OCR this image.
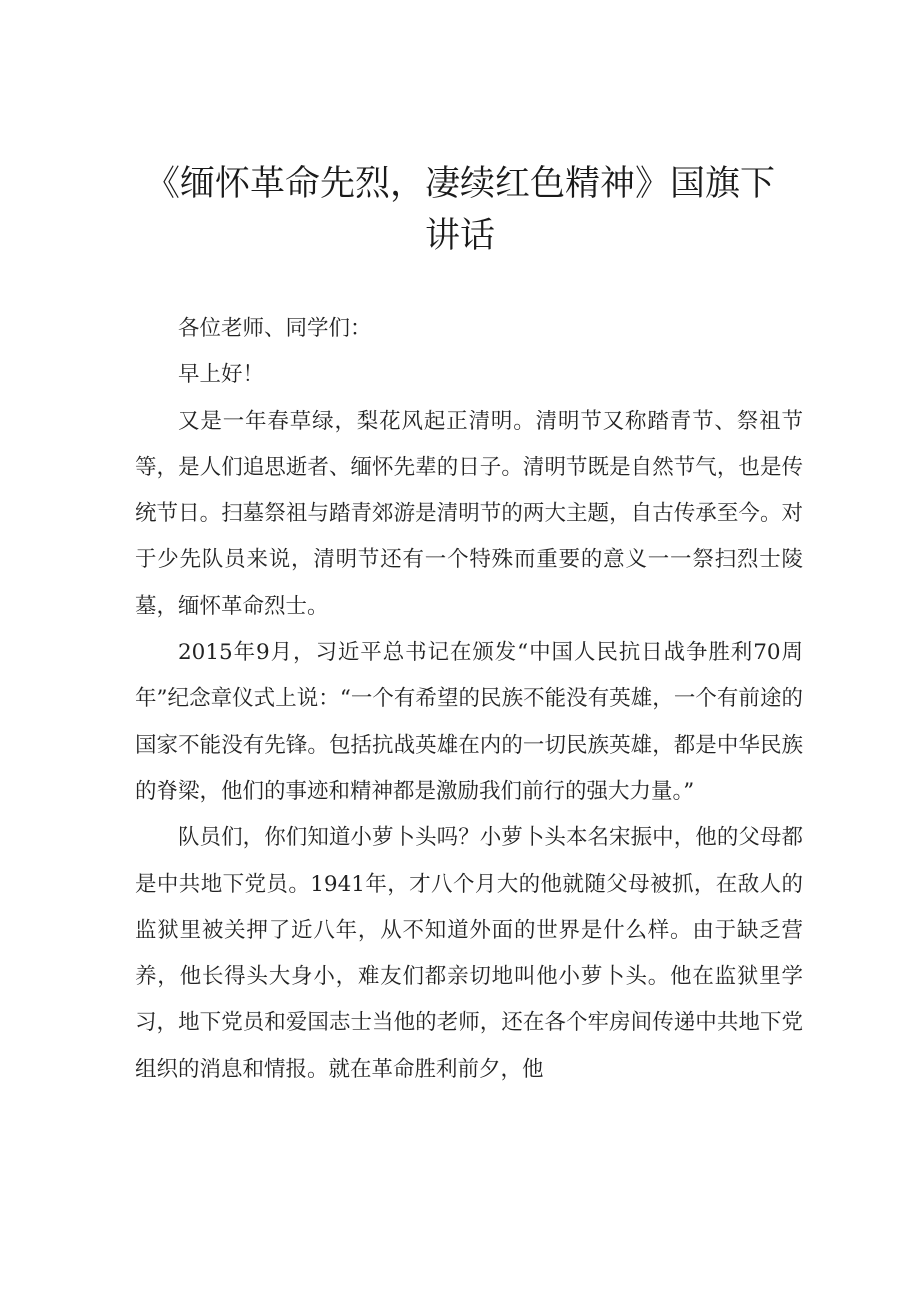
《缅怀革命先烈，凄续红色精神》国旗下
讲话

各位老师、同学们：

早上好！

又是一年春草绿，梨花风起正清明。清明节又称踏青节、祭祖节等，是人们追思逝者、缅怀先辈的日子。清明节既是自然节气，也是传统节日。扫墓祭祖与踏青郊游是清明节的两大主题，自古传承至今。对于少先队员来说，清明节还有一个特殊而重要的意义一一祭扫烈士陵墓，缅怀革命烈士。

2015年9月，习近平总书记在颁发“中国人民抗日战争胜利70周年”纪念章仪式上说：“一个有希望的民族不能没有英雄，一个有前途的国家不能没有先锋。包括抗战英雄在内的一切民族英雄，都是中华民族的脊梁，他们的事迹和精神都是激励我们前行的强大力量。”

队员们，你们知道小萝卜头吗？小萝卜头本名宋振中，他的父母都是中共地下党员。1941年，才八个月大的他就随父母被抓，在敌人的监狱里被关押了近八年，从不知道外面的世界是什么样。由于缺乏营养，他长得头大身小，难友们都亲切地叫他小萝卜头。他在监狱里学习，地下党员和爱国志士当他的老师，还在各个牢房间传递中共地下党组织的消息和情报。就在革命胜利前夕，他
